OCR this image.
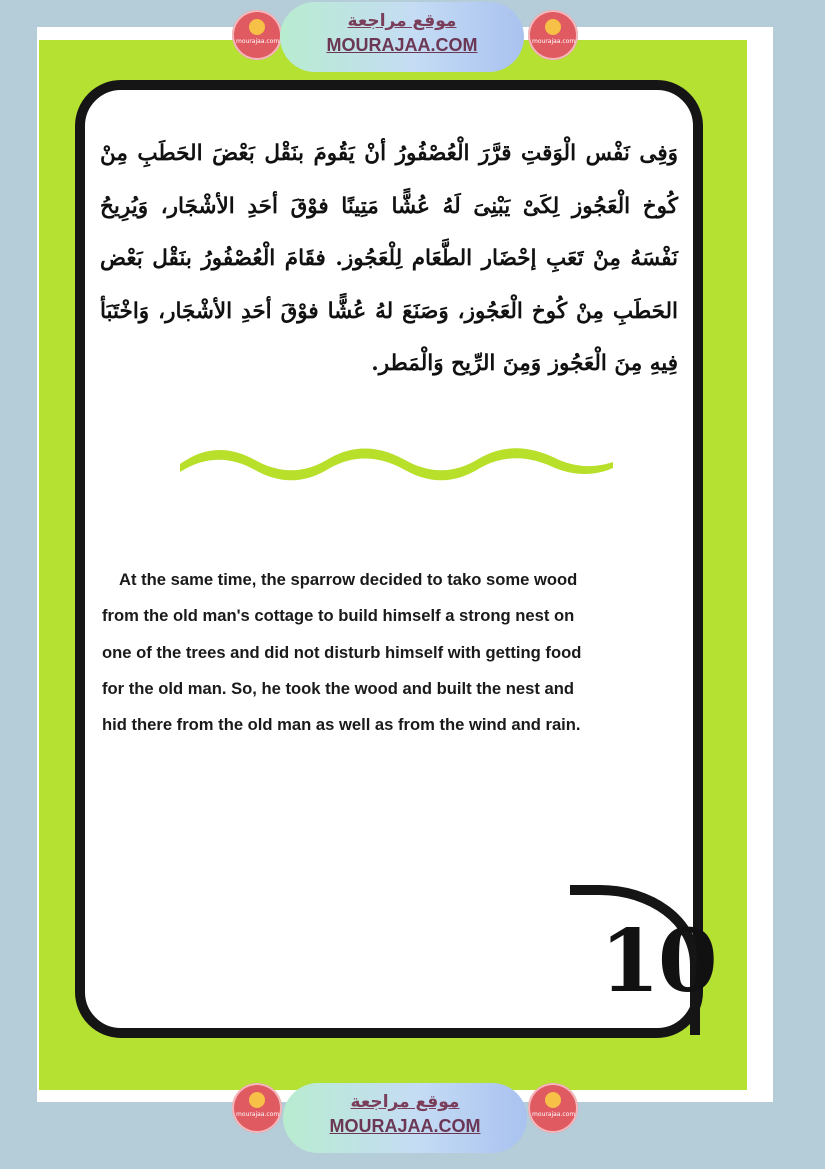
وَفِى نَفْس الْوَقتِ قرَّرَ الْعُصْفُورُ أنْ يَقُومَ بنَقْل بَعْضَ الحَطَبِ مِنْ كُوخ الْعَجُوز لِكَىْ يَبْنِىَ لَهُ عُشًّا مَتِينًا فوْقَ أحَدِ الأشْجَار، وَيُرِيحُ نَفْسَهُ مِنْ تَعَبِ إحْضَار الطَّعَام لِلْعَجُوز. فقَامَ الْعُصْفُورُ بنَقْل بَعْض الحَطَبِ مِنْ كُوخ الْعَجُوز، وَصَنَعَ لهُ عُشًّا فوْقَ أحَدِ الأشْجَار، وَاخْتَبَأ فِيهِ مِنَ الْعَجُوز وَمِنَ الرِّيح وَالْمَطر.

At the same time, the sparrow decided to tako some wood

from the old man's cottage to build himself a strong nest on

one of the trees and did not disturb himself with getting food

for the old man. So, he took the wood and built the nest and

hid there from the old man as well as from the wind and rain.

10
mourajaa.com
موقع مراجعة
MOURAJAA.COM	mourajaa.com
mourajaa.com
موقع مراجعة
MOURAJAA.COM
mourajaa.com
